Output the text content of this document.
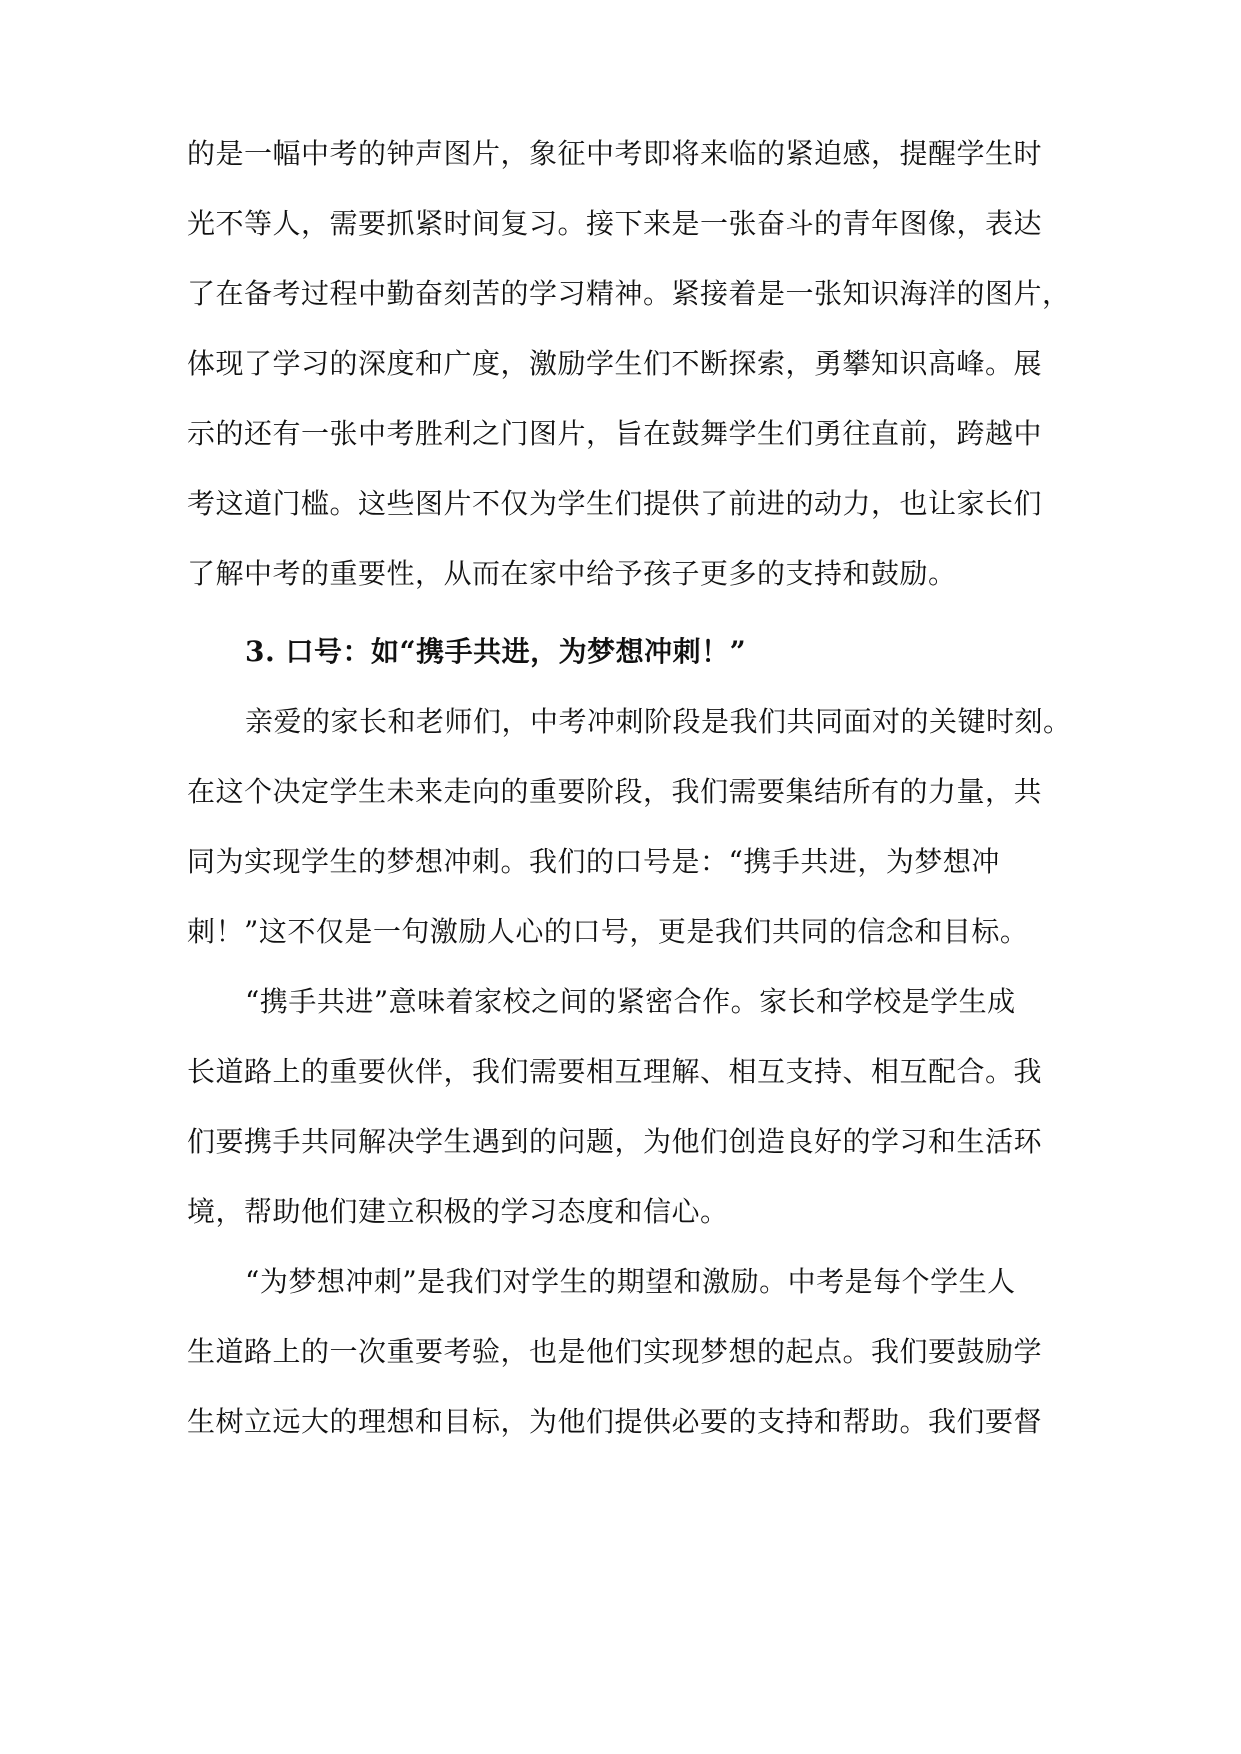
的是一幅中考的钟声图片，象征中考即将来临的紧迫感，提醒学生时
光不等人，需要抓紧时间复习。接下来是一张奋斗的青年图像，表达
了在备考过程中勤奋刻苦的学习精神。紧接着是一张知识海洋的图片，
体现了学习的深度和广度，激励学生们不断探索，勇攀知识高峰。展
示的还有一张中考胜利之门图片，旨在鼓舞学生们勇往直前，跨越中
考这道门槛。这些图片不仅为学生们提供了前进的动力，也让家长们
了解中考的重要性，从而在家中给予孩子更多的支持和鼓励。
3. 口号：如“携手共进，为梦想冲刺！”
亲爱的家长和老师们，中考冲刺阶段是我们共同面对的关键时刻。
在这个决定学生未来走向的重要阶段，我们需要集结所有的力量，共
同为实现学生的梦想冲刺。我们的口号是：“携手共进，为梦想冲
刺！”这不仅是一句激励人心的口号，更是我们共同的信念和目标。
“携手共进”意味着家校之间的紧密合作。家长和学校是学生成
长道路上的重要伙伴，我们需要相互理解、相互支持、相互配合。我
们要携手共同解决学生遇到的问题，为他们创造良好的学习和生活环
境，帮助他们建立积极的学习态度和信心。
“为梦想冲刺”是我们对学生的期望和激励。中考是每个学生人
生道路上的一次重要考验，也是他们实现梦想的起点。我们要鼓励学
生树立远大的理想和目标，为他们提供必要的支持和帮助。我们要督
